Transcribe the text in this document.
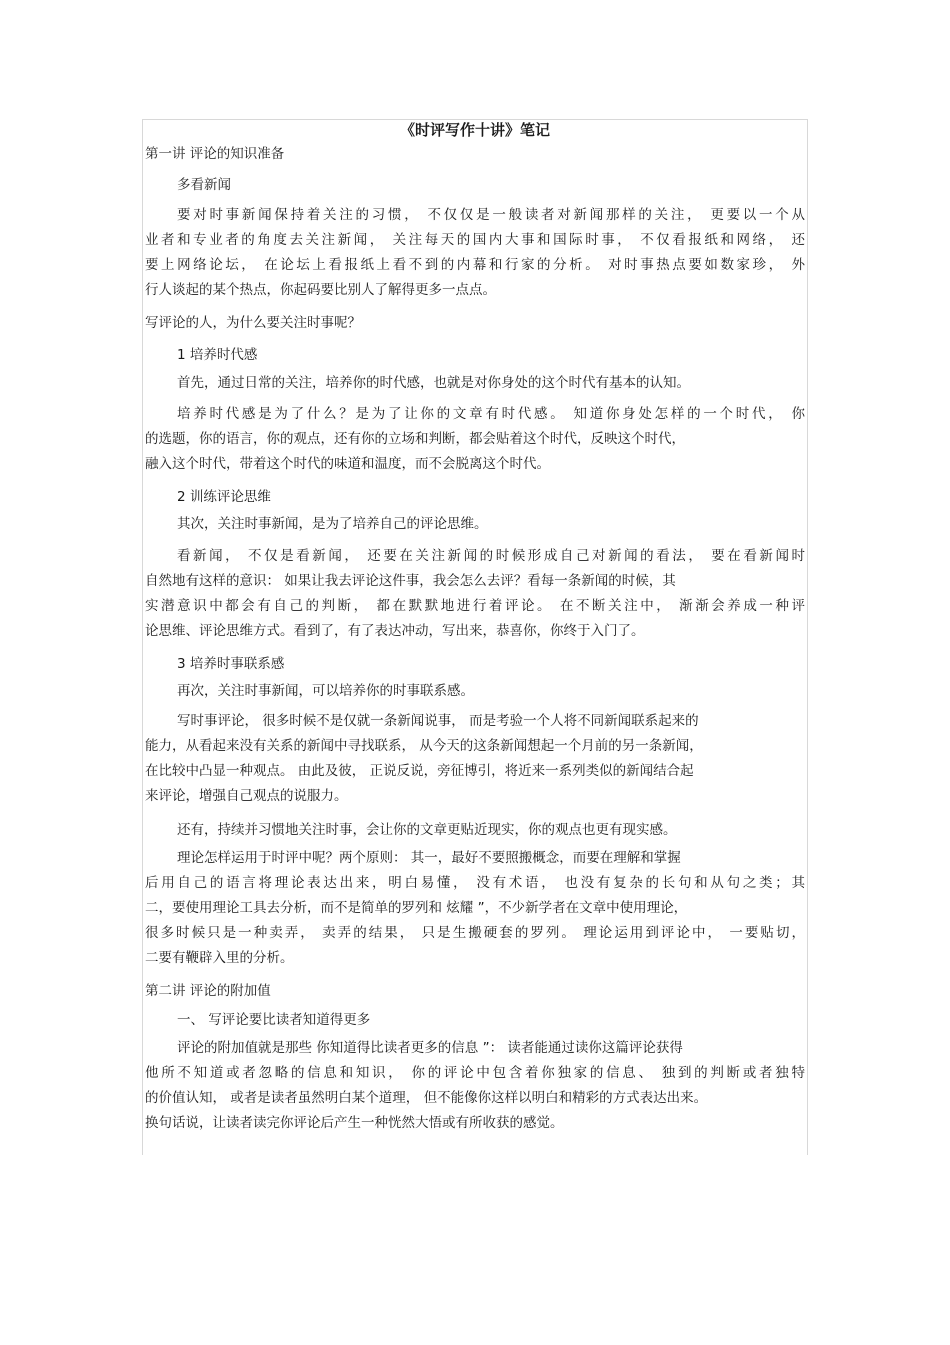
《时评写作十讲》笔记

第一讲 评论的知识准备

多看新闻

要对时事新闻保持着关注的习惯， 不仅仅是一般读者对新闻那样的关注， 更要以一个从

业者和专业者的角度去关注新闻， 关注每天的国内大事和国际时事， 不仅看报纸和网络， 还

要上网络论坛， 在论坛上看报纸上看不到的内幕和行家的分析。 对时事热点要如数家珍， 外

行人谈起的某个热点，你起码要比别人了解得更多一点点。

写评论的人，为什么要关注时事呢？

1 培养时代感

首先，通过日常的关注，培养你的时代感，也就是对你身处的这个时代有基本的认知。

培养时代感是为了什么？是为了让你的文章有时代感。 知道你身处怎样的一个时代， 你

的选题，你的语言，你的观点，还有你的立场和判断，都会贴着这个时代，反映这个时代，

融入这个时代，带着这个时代的味道和温度，而不会脱离这个时代。

2 训练评论思维

其次，关注时事新闻，是为了培养自己的评论思维。

看新闻， 不仅是看新闻， 还要在关注新闻的时候形成自己对新闻的看法， 要在看新闻时

自然地有这样的意识： 如果让我去评论这件事，我会怎么去评？看每一条新闻的时候，其

实潜意识中都会有自己的判断， 都在默默地进行着评论。 在不断关注中， 渐渐会养成一种评

论思维、评论思维方式。看到了，有了表达冲动，写出来，恭喜你，你终于入门了。

3 培养时事联系感

再次，关注时事新闻，可以培养你的时事联系感。

写时事评论， 很多时候不是仅就一条新闻说事， 而是考验一个人将不同新闻联系起来的

能力，从看起来没有关系的新闻中寻找联系， 从今天的这条新闻想起一个月前的另一条新闻，

在比较中凸显一种观点。 由此及彼， 正说反说，旁征博引，将近来一系列类似的新闻结合起

来评论，增强自己观点的说服力。

还有，持续并习惯地关注时事，会让你的文章更贴近现实，你的观点也更有现实感。

理论怎样运用于时评中呢？两个原则： 其一，最好不要照搬概念，而要在理解和掌握

后用自己的语言将理论表达出来，明白易懂， 没有术语， 也没有复杂的长句和从句之类；其

二，要使用理论工具去分析，而不是简单的罗列和 炫耀 ”，不少新学者在文章中使用理论，

很多时候只是一种卖弄， 卖弄的结果， 只是生搬硬套的罗列。 理论运用到评论中， 一要贴切，

二要有鞭辟入里的分析。

第二讲 评论的附加值

一、 写评论要比读者知道得更多

评论的附加值就是那些 你知道得比读者更多的信息 ”： 读者能通过读你这篇评论获得

他所不知道或者忽略的信息和知识， 你的评论中包含着你独家的信息、 独到的判断或者独特

的价值认知， 或者是读者虽然明白某个道理， 但不能像你这样以明白和精彩的方式表达出来。

换句话说，让读者读完你评论后产生一种恍然大悟或有所收获的感觉。
